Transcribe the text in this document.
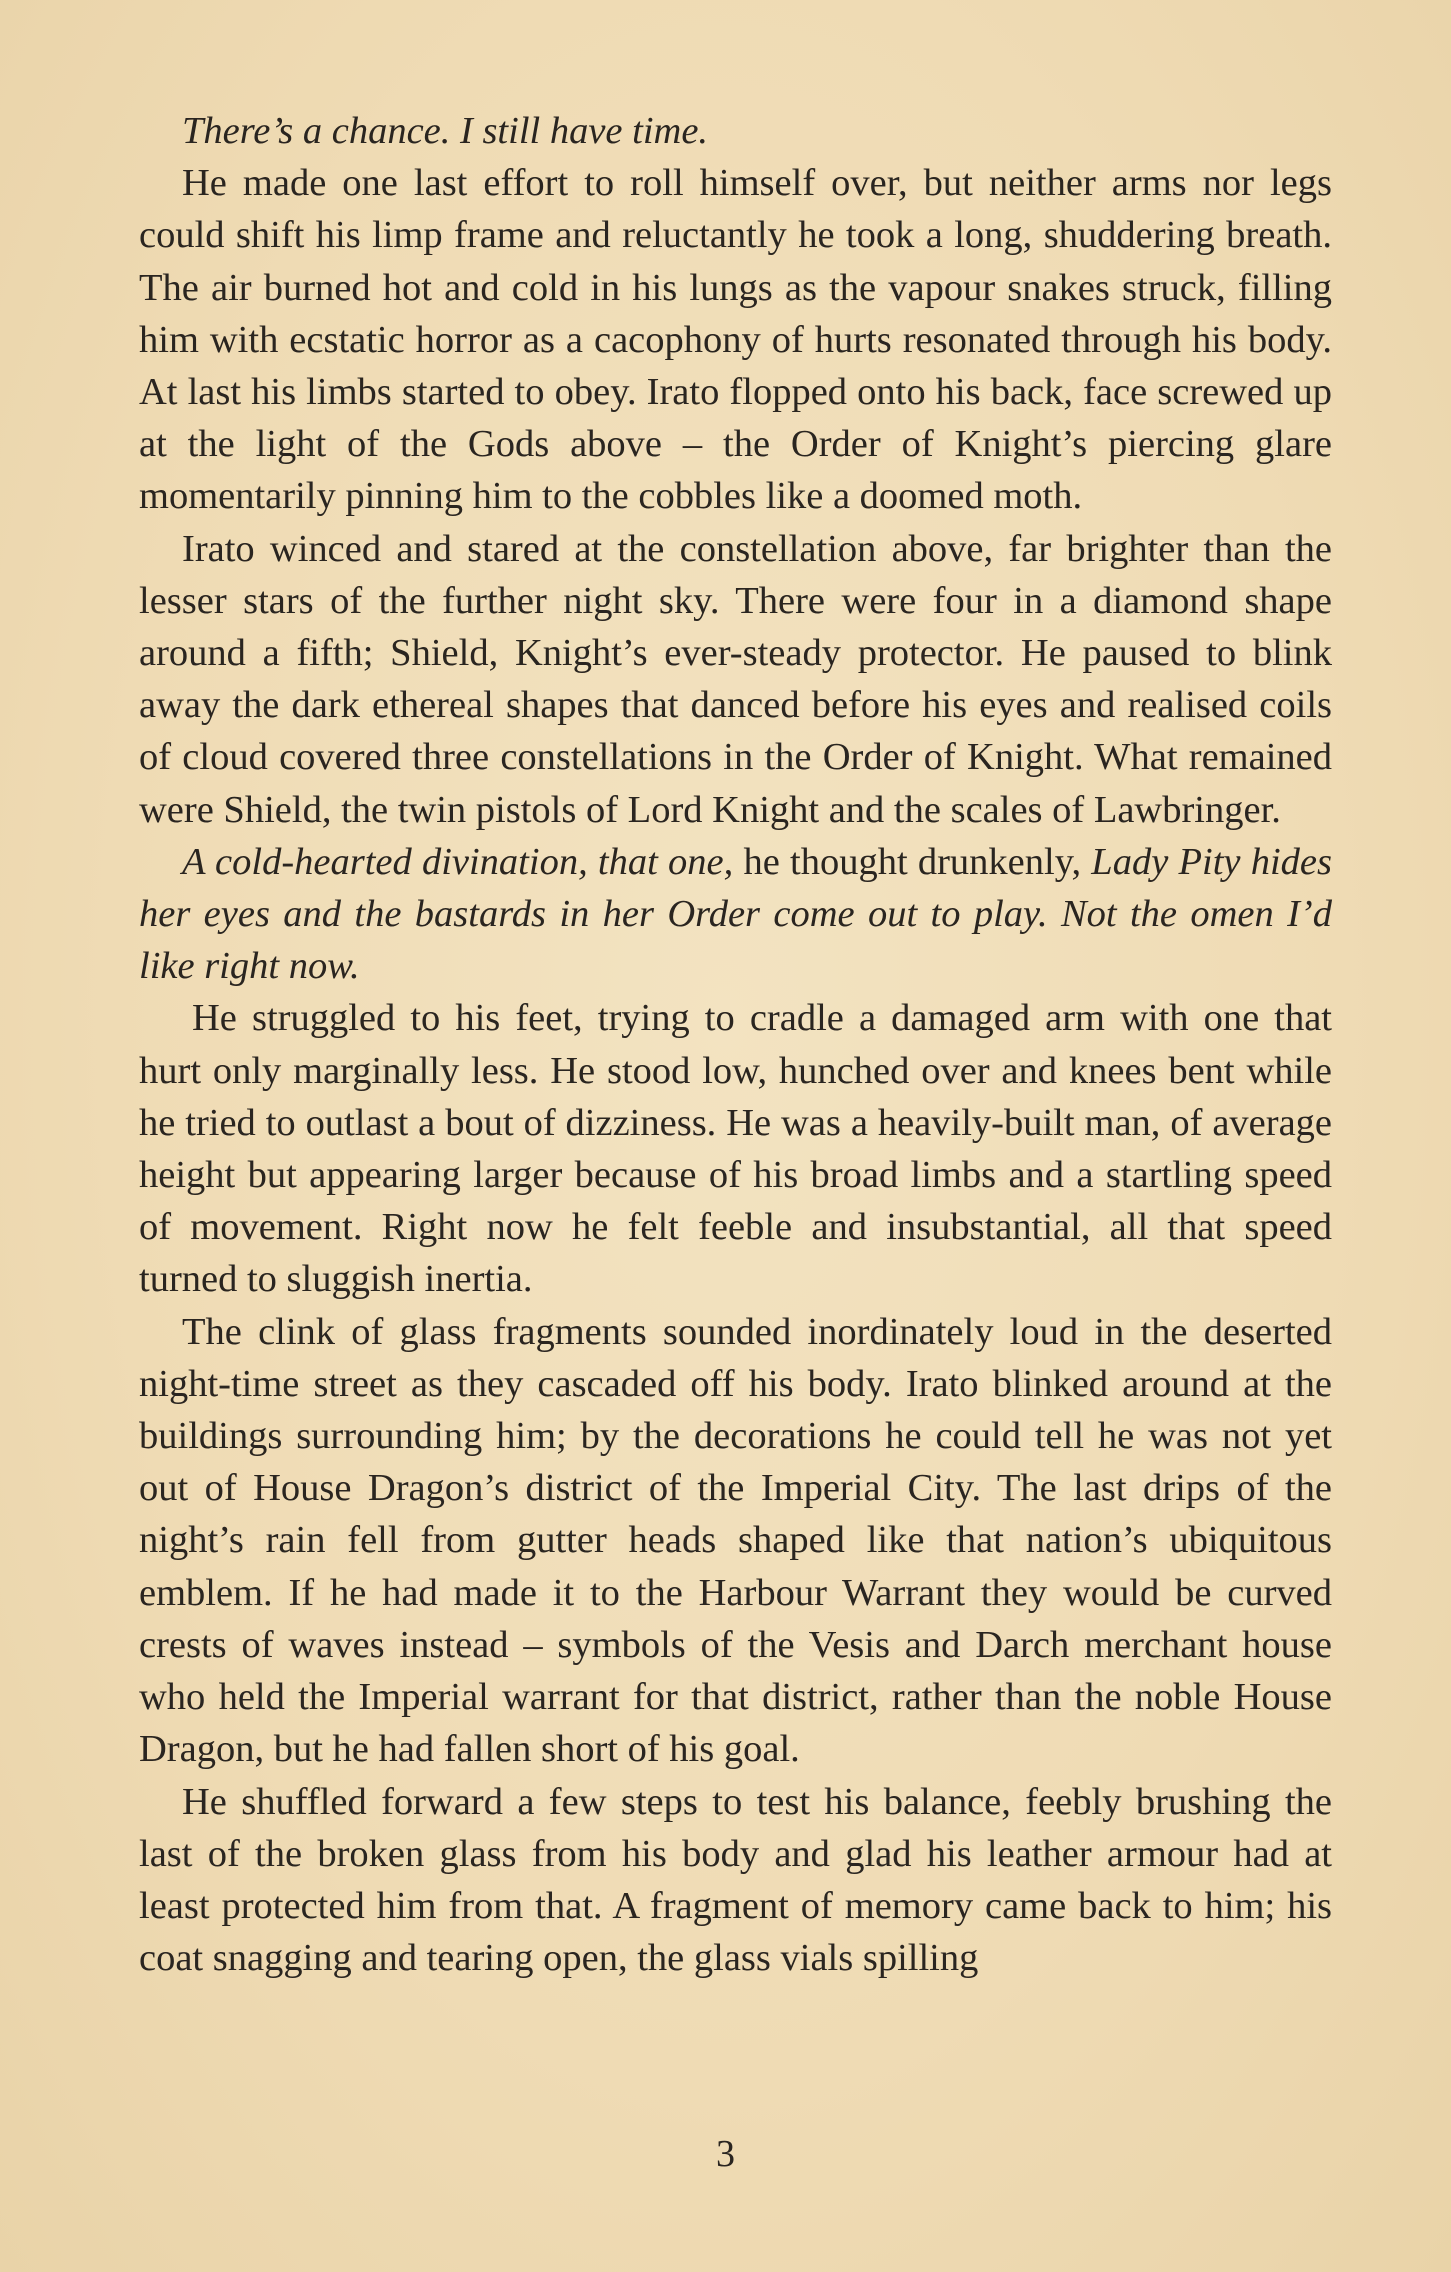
There’s a chance. I still have time.

He made one last effort to roll himself over, but neither arms nor legs could shift his limp frame and reluctantly he took a long, shuddering breath. The air burned hot and cold in his lungs as the vapour snakes struck, filling him with ecstatic horror as a cacophony of hurts resonated through his body. At last his limbs started to obey. Irato flopped onto his back, face screwed up at the light of the Gods above – the Order of Knight’s piercing glare momentarily pinning him to the cobbles like a doomed moth.

Irato winced and stared at the constellation above, far brighter than the lesser stars of the further night sky. There were four in a diamond shape around a fifth; Shield, Knight’s ever-steady protector. He paused to blink away the dark ethereal shapes that danced before his eyes and realised coils of cloud covered three constellations in the Order of Knight. What remained were Shield, the twin pistols of Lord Knight and the scales of Lawbringer.

A cold-hearted divination, that one, he thought drunkenly, Lady Pity hides her eyes and the bastards in her Order come out to play. Not the omen I’d like right now.

He struggled to his feet, trying to cradle a damaged arm with one that hurt only marginally less. He stood low, hunched over and knees bent while he tried to outlast a bout of dizziness. He was a heavily-built man, of average height but appearing larger because of his broad limbs and a startling speed of movement. Right now he felt feeble and insubstantial, all that speed turned to sluggish inertia.

The clink of glass fragments sounded inordinately loud in the deserted night-time street as they cascaded off his body. Irato blinked around at the buildings surrounding him; by the decorations he could tell he was not yet out of House Dragon’s district of the Imperial City. The last drips of the night’s rain fell from gutter heads shaped like that nation’s ubiquitous emblem. If he had made it to the Harbour Warrant they would be curved crests of waves instead – symbols of the Vesis and Darch merchant house who held the Imperial warrant for that district, rather than the noble House Dragon, but he had fallen short of his goal.

He shuffled forward a few steps to test his balance, feebly brushing the last of the broken glass from his body and glad his leather armour had at least protected him from that. A fragment of memory came back to him; his coat snagging and tearing open, the glass vials spilling

3
